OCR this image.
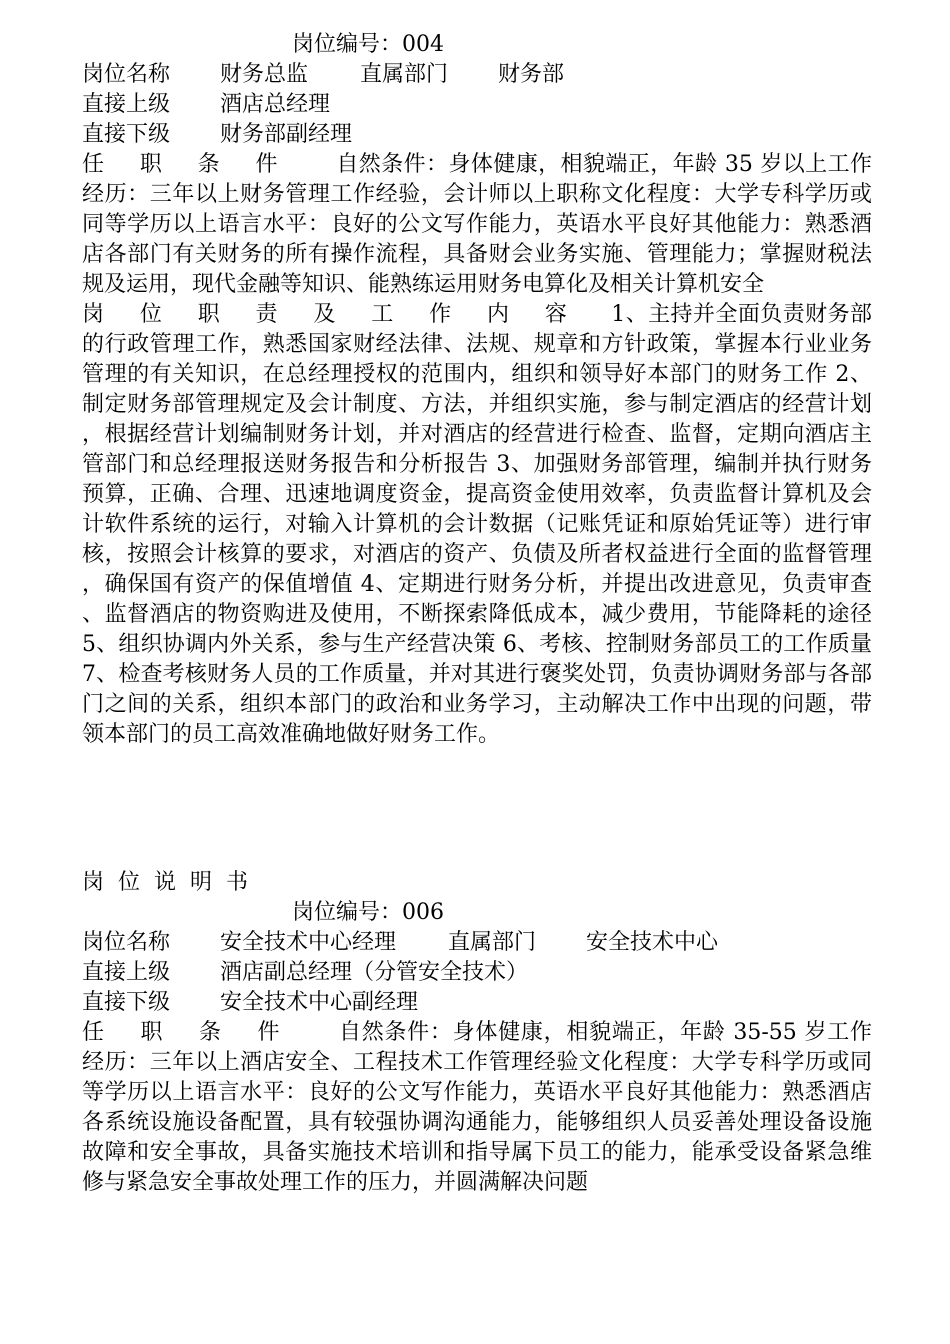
岗位编号：004
岗位名称 财务总监 直属部门 财务部
直接上级 酒店总经理
直接下级 财务部副经理
任 职 条 件 自然条件：身体健康，相貌端正，年龄 35 岁以上工作经历：三年以上财务管理工作经验，会计师以上职称文化程度：大学专科学历或同等学历以上语言水平：良好的公文写作能力，英语水平良好其他能力：熟悉酒店各部门有关财务的所有操作流程，具备财会业务实施、管理能力；掌握财税法规及运用，现代金融等知识、能熟练运用财务电算化及相关计算机安全
岗 位 职 责 及 工 作 内 容 1、主持并全面负责财务部的行政管理工作，熟悉国家财经法律、法规、规章和方针政策，掌握本行业业务管理的有关知识，在总经理授权的范围内，组织和领导好本部门的财务工作 2、制定财务部管理规定及会计制度、方法，并组织实施，参与制定酒店的经营计划，根据经营计划编制财务计划，并对酒店的经营进行检查、监督，定期向酒店主管部门和总经理报送财务报告和分析报告 3、加强财务部管理，编制并执行财务预算，正确、合理、迅速地调度资金，提高资金使用效率，负责监督计算机及会计软件系统的运行，对输入计算机的会计数据（记账凭证和原始凭证等）进行审核，按照会计核算的要求，对酒店的资产、负债及所者权益进行全面的监督管理，确保国有资产的保值增值 4、定期进行财务分析，并提出改进意见，负责审查、监督酒店的物资购进及使用，不断探索降低成本，减少费用，节能降耗的途径 5、组织协调内外关系，参与生产经营决策 6、考核、控制财务部员工的工作质量 7、检查考核财务人员的工作质量，并对其进行褒奖处罚，负责协调财务部与各部门之间的关系，组织本部门的政治和业务学习，主动解决工作中出现的问题，带领本部门的员工高效准确地做好财务工作。
岗位说明书
岗位编号：006
岗位名称 安全技术中心经理 直属部门 安全技术中心
直接上级 酒店副总经理（分管安全技术）
直接下级 安全技术中心副经理
任 职 条 件 自然条件：身体健康，相貌端正，年龄 35-55 岁工作经历：三年以上酒店安全、工程技术工作管理经验文化程度：大学专科学历或同等学历以上语言水平：良好的公文写作能力，英语水平良好其他能力：熟悉酒店各系统设施设备配置，具有较强协调沟通能力，能够组织人员妥善处理设备设施故障和安全事故，具备实施技术培训和指导属下员工的能力，能承受设备紧急维修与紧急安全事故处理工作的压力，并圆满解决问题
